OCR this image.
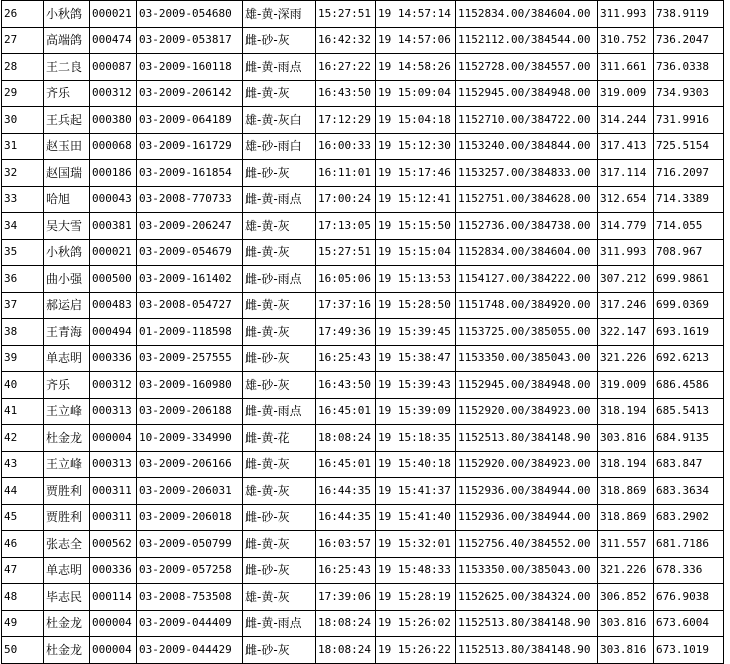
26	小秋鸽	000021	03-2009-054680	雄-黄-深雨	15:27:51	19 14:57:14	1152834.00/384604.00	311.993	738.9119
27	高端鸽	000474	03-2009-053817	雌-砂-灰	16:42:32	19 14:57:06	1152112.00/384544.00	310.752	736.2047
28	王二良	000087	03-2009-160118	雌-黄-雨点	16:27:22	19 14:58:26	1152728.00/384557.00	311.661	736.0338
29	齐乐	000312	03-2009-206142	雌-黄-灰	16:43:50	19 15:09:04	1152945.00/384948.00	319.009	734.9303
30	王兵起	000380	03-2009-064189	雄-黄-灰白	17:12:29	19 15:04:18	1152710.00/384722.00	314.244	731.9916
31	赵玉田	000068	03-2009-161729	雄-砂-雨白	16:00:33	19 15:12:30	1153240.00/384844.00	317.413	725.5154
32	赵国瑞	000186	03-2009-161854	雌-砂-灰	16:11:01	19 15:17:46	1153257.00/384833.00	317.114	716.2097
33	哈旭	000043	03-2008-770733	雌-黄-雨点	17:00:24	19 15:12:41	1152751.00/384628.00	312.654	714.3389
34	吴大雪	000381	03-2009-206247	雄-黄-灰	17:13:05	19 15:15:50	1152736.00/384738.00	314.779	714.055
35	小秋鸽	000021	03-2009-054679	雌-黄-灰	15:27:51	19 15:15:04	1152834.00/384604.00	311.993	708.967
36	曲小强	000500	03-2009-161402	雌-砂-雨点	16:05:06	19 15:13:53	1154127.00/384222.00	307.212	699.9861
37	郝运启	000483	03-2008-054727	雌-黄-灰	17:37:16	19 15:28:50	1151748.00/384920.00	317.246	699.0369
38	王青海	000494	01-2009-118598	雌-黄-灰	17:49:36	19 15:39:45	1153725.00/385055.00	322.147	693.1619
39	单志明	000336	03-2009-257555	雌-砂-灰	16:25:43	19 15:38:47	1153350.00/385043.00	321.226	692.6213
40	齐乐	000312	03-2009-160980	雄-砂-灰	16:43:50	19 15:39:43	1152945.00/384948.00	319.009	686.4586
41	王立峰	000313	03-2009-206188	雌-黄-雨点	16:45:01	19 15:39:09	1152920.00/384923.00	318.194	685.5413
42	杜金龙	000004	10-2009-334990	雌-黄-花	18:08:24	19 15:18:35	1152513.80/384148.90	303.816	684.9135
43	王立峰	000313	03-2009-206166	雌-黄-灰	16:45:01	19 15:40:18	1152920.00/384923.00	318.194	683.847
44	贾胜利	000311	03-2009-206031	雄-黄-灰	16:44:35	19 15:41:37	1152936.00/384944.00	318.869	683.3634
45	贾胜利	000311	03-2009-206018	雌-砂-灰	16:44:35	19 15:41:40	1152936.00/384944.00	318.869	683.2902
46	张志全	000562	03-2009-050799	雌-黄-灰	16:03:57	19 15:32:01	1152756.40/384552.00	311.557	681.7186
47	单志明	000336	03-2009-057258	雌-砂-灰	16:25:43	19 15:48:33	1153350.00/385043.00	321.226	678.336
48	毕志民	000114	03-2008-753508	雄-黄-灰	17:39:06	19 15:28:19	1152625.00/384324.00	306.852	676.9038
49	杜金龙	000004	03-2009-044409	雌-黄-雨点	18:08:24	19 15:26:02	1152513.80/384148.90	303.816	673.6004
50	杜金龙	000004	03-2009-044429	雌-砂-灰	18:08:24	19 15:26:22	1152513.80/384148.90	303.816	673.1019
